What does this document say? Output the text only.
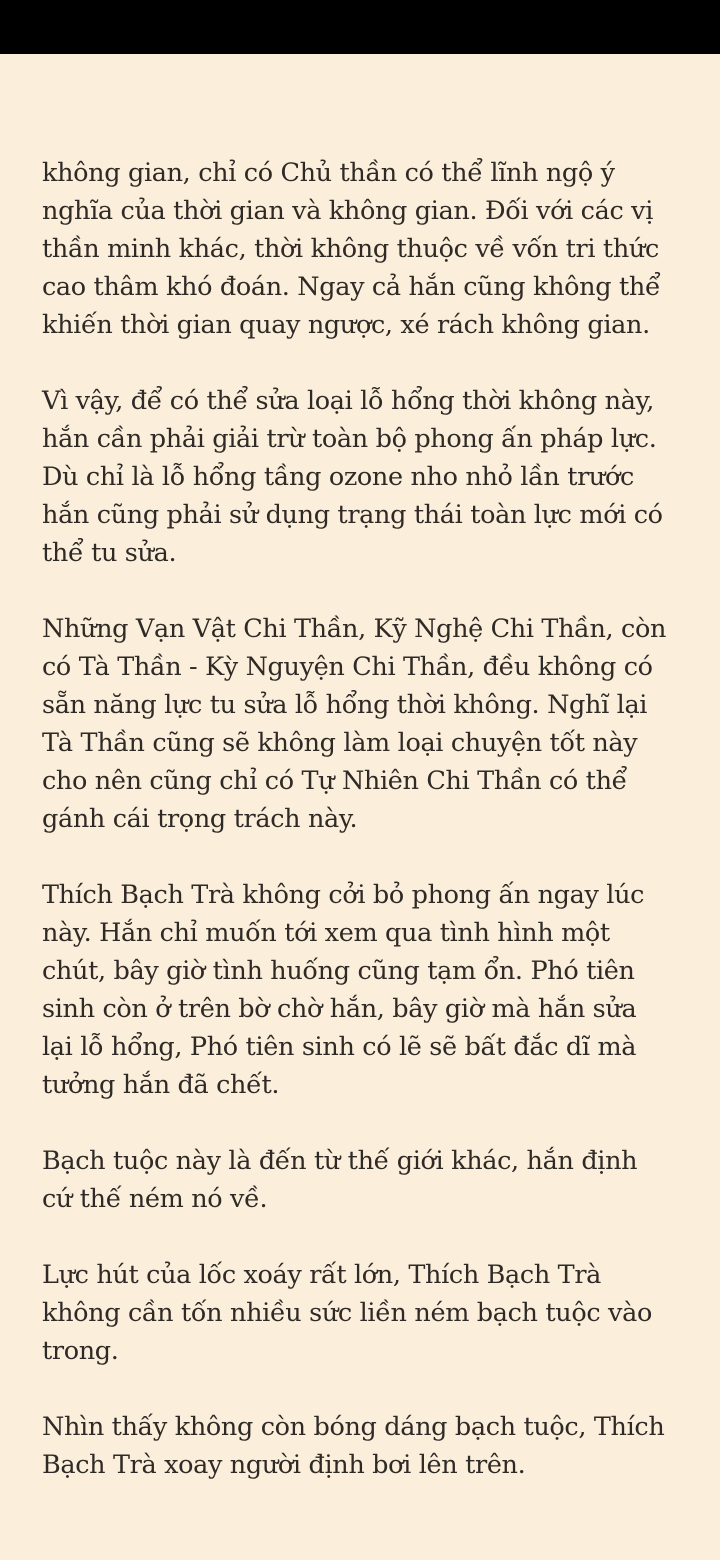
không gian, chỉ có Chủ thần có thể lĩnh ngộ ý
nghĩa của thời gian và không gian. Đối với các vị
thần minh khác, thời không thuộc về vốn tri thức
cao thâm khó đoán. Ngay cả hắn cũng không thể
khiến thời gian quay ngược, xé rách không gian.

Vì vậy, để có thể sửa loại lỗ hổng thời không này,
hắn cần phải giải trừ toàn bộ phong ấn pháp lực.
Dù chỉ là lỗ hổng tầng ozone nho nhỏ lần trước
hắn cũng phải sử dụng trạng thái toàn lực mới có
thể tu sửa.

Những Vạn Vật Chi Thần, Kỹ Nghệ Chi Thần, còn
có Tà Thần - Kỳ Nguyện Chi Thần, đều không có
sẵn năng lực tu sửa lỗ hổng thời không. Nghĩ lại
Tà Thần cũng sẽ không làm loại chuyện tốt này
cho nên cũng chỉ có Tự Nhiên Chi Thần có thể
gánh cái trọng trách này.

Thích Bạch Trà không cởi bỏ phong ấn ngay lúc
này. Hắn chỉ muốn tới xem qua tình hình một
chút, bây giờ tình huống cũng tạm ổn. Phó tiên
sinh còn ở trên bờ chờ hắn, bây giờ mà hắn sửa
lại lỗ hổng, Phó tiên sinh có lẽ sẽ bất đắc dĩ mà
tưởng hắn đã chết.

Bạch tuộc này là đến từ thế giới khác, hắn định
cứ thế ném nó về.

Lực hút của lốc xoáy rất lớn, Thích Bạch Trà
không cần tốn nhiều sức liền ném bạch tuộc vào
trong.

Nhìn thấy không còn bóng dáng bạch tuộc, Thích
Bạch Trà xoay người định bơi lên trên.
